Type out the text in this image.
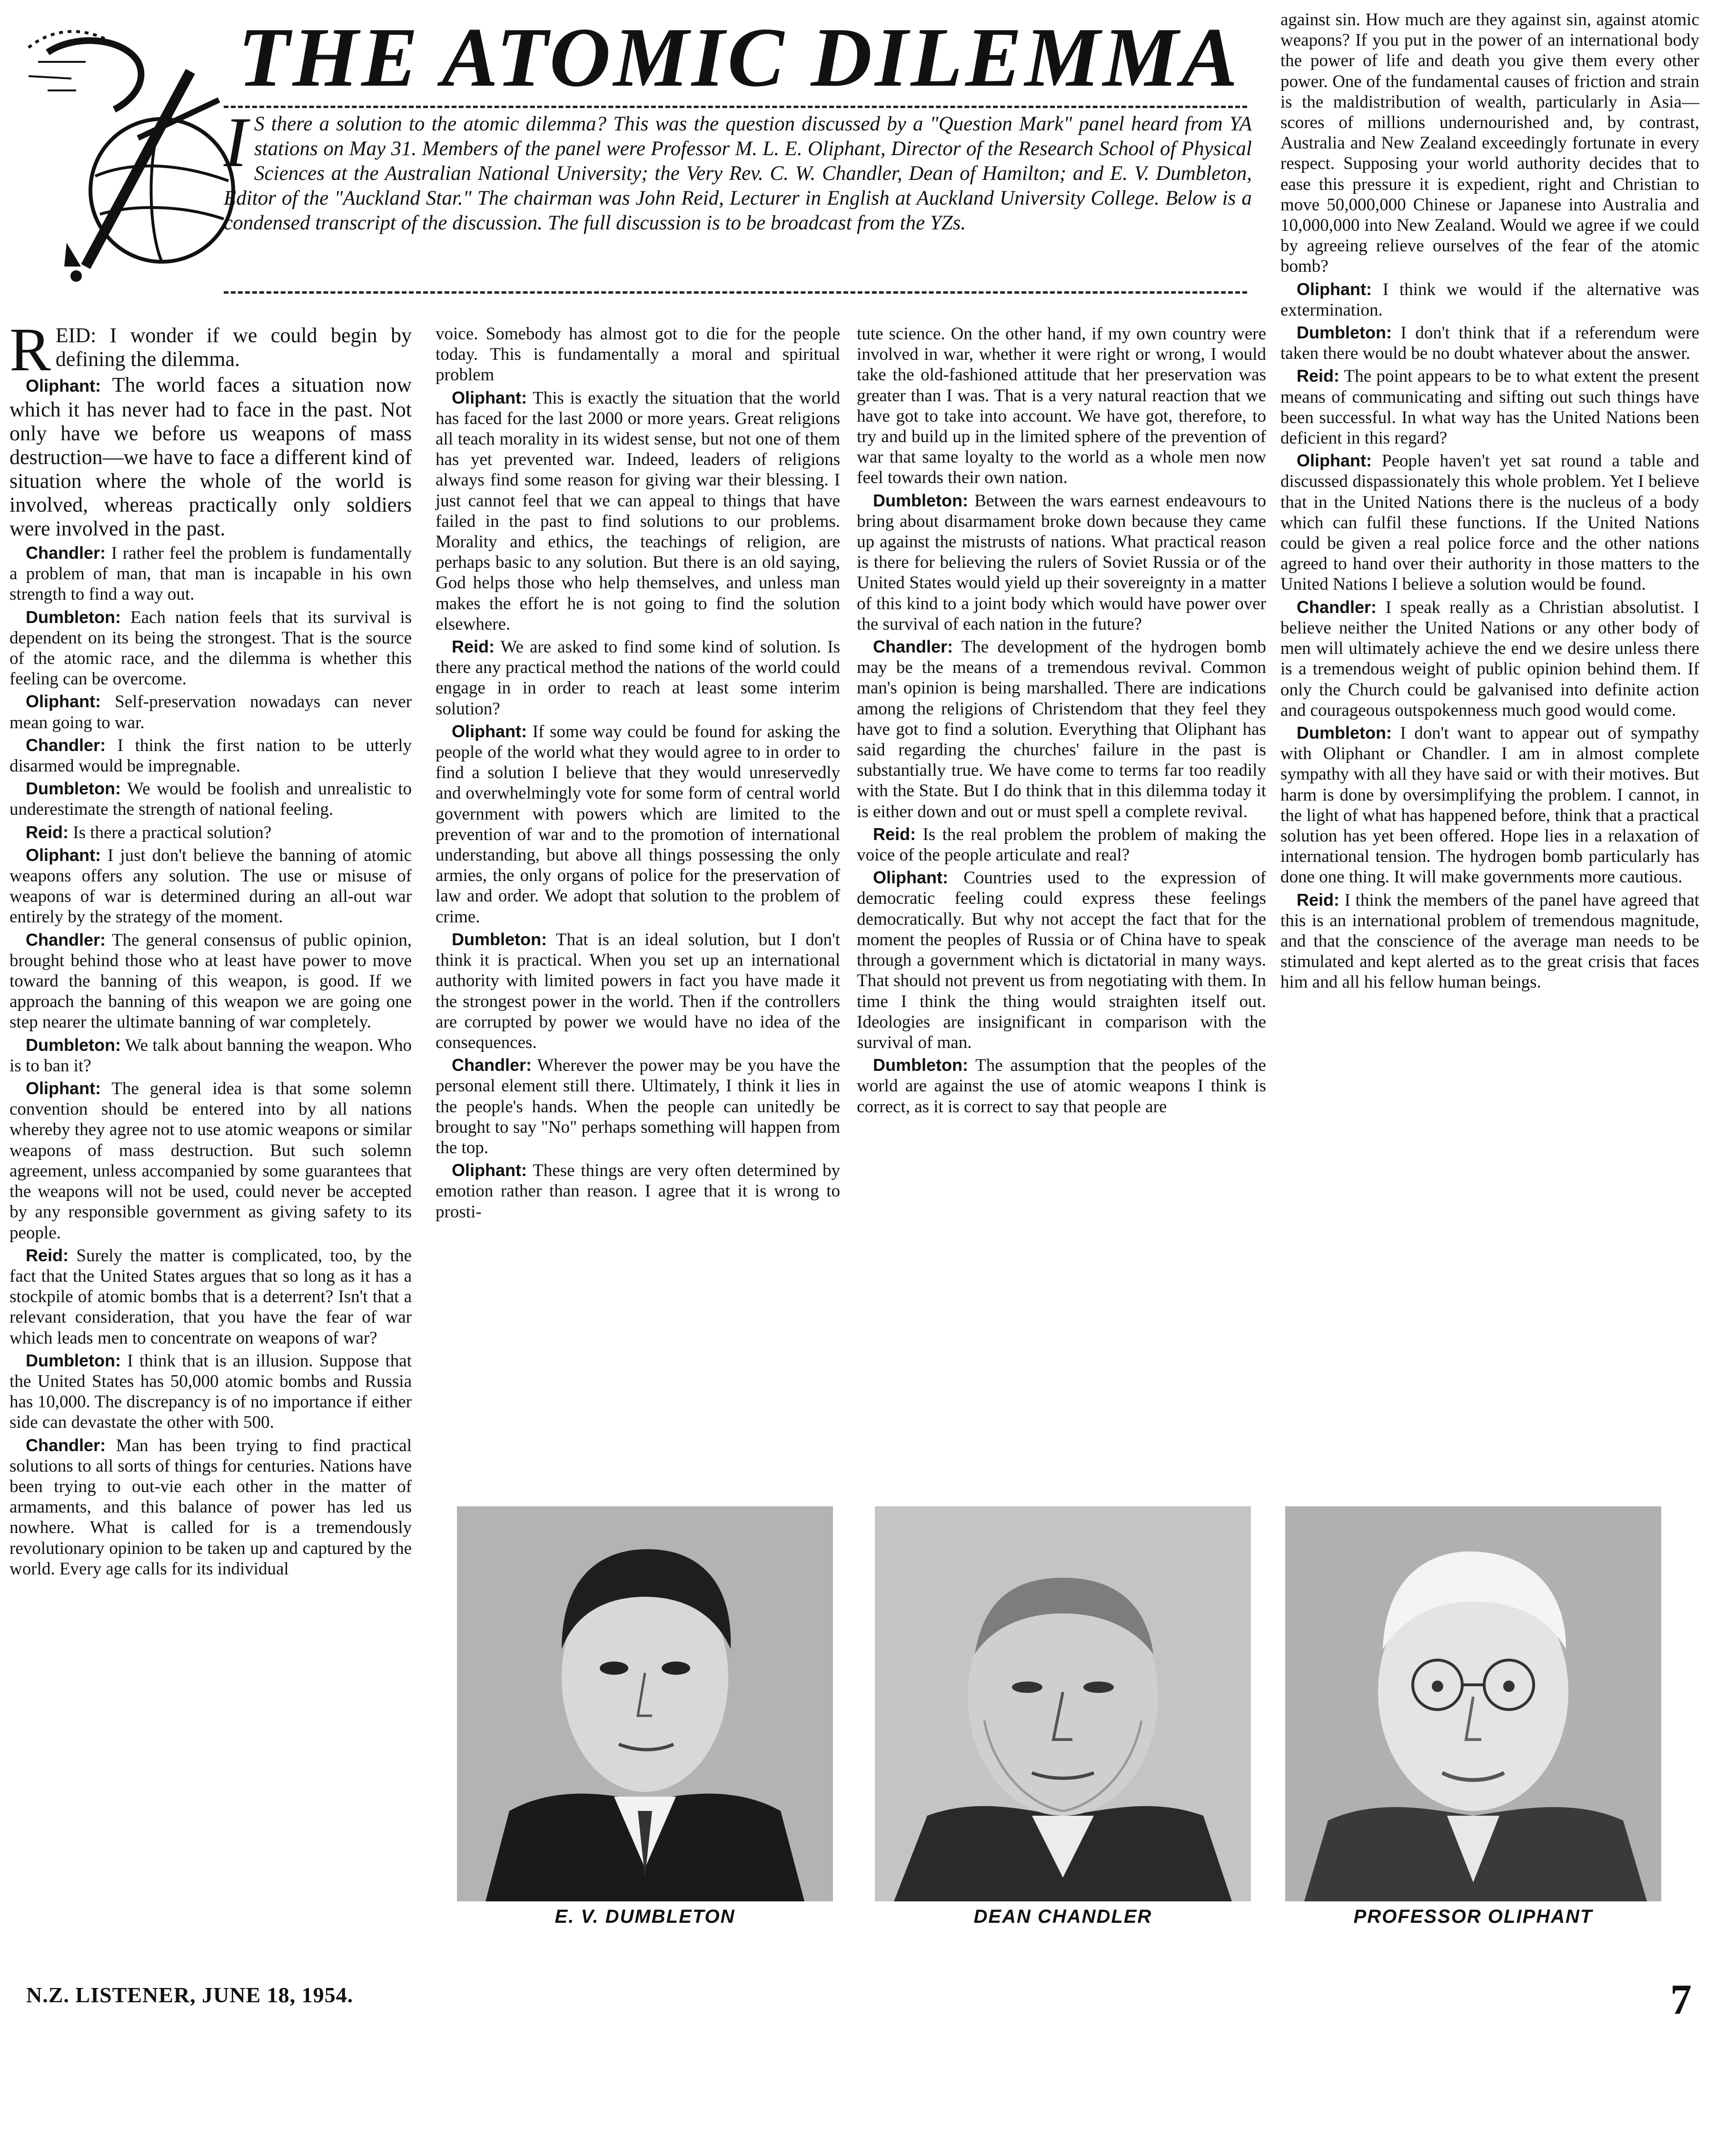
THE ATOMIC DILEMMA
I S there a solution to the atomic dilemma? This was the question discussed by a "Question Mark" panel heard from YA stations on May 31. Members of the panel were Professor M. L. E. Oliphant, Director of the Research School of Physical Sciences at the Australian National University; the Very Rev. C. W. Chandler, Dean of Hamilton; and E. V. Dumbleton, Editor of the "Auckland Star." The chairman was John Reid, Lecturer in English at Auckland University College. Below is a condensed transcript of the discussion. The full discussion is to be broadcast from the YZs.

REID: I wonder if we could begin by defining the dilemma.

Oliphant: The world faces a situation now which it has never had to face in the past. Not only have we before us weapons of mass destruction—we have to face a different kind of situation where the whole of the world is involved, whereas practically only soldiers were involved in the past.

Chandler: I rather feel the problem is fundamentally a problem of man, that man is incapable in his own strength to find a way out.

Dumbleton: Each nation feels that its survival is dependent on its being the strongest. That is the source of the atomic race, and the dilemma is whether this feeling can be overcome.

Oliphant: Self-preservation nowadays can never mean going to war.

Chandler: I think the first nation to be utterly disarmed would be impregnable.

Dumbleton: We would be foolish and unrealistic to underestimate the strength of national feeling.

Reid: Is there a practical solution?

Oliphant: I just don't believe the banning of atomic weapons offers any solution. The use or misuse of weapons of war is determined during an all-out war entirely by the strategy of the moment.

Chandler: The general consensus of public opinion, brought behind those who at least have power to move toward the banning of this weapon, is good. If we approach the banning of this weapon we are going one step nearer the ultimate banning of war completely.

Dumbleton: We talk about banning the weapon. Who is to ban it?

Oliphant: The general idea is that some solemn convention should be entered into by all nations whereby they agree not to use atomic weapons or similar weapons of mass destruction. But such solemn agreement, unless accompanied by some guarantees that the weapons will not be used, could never be accepted by any responsible government as giving safety to its people.

Reid: Surely the matter is complicated, too, by the fact that the United States argues that so long as it has a stockpile of atomic bombs that is a deterrent? Isn't that a relevant consideration, that you have the fear of war which leads men to concentrate on weapons of war?

Dumbleton: I think that is an illusion. Suppose that the United States has 50,000 atomic bombs and Russia has 10,000. The discrepancy is of no importance if either side can devastate the other with 500.

Chandler: Man has been trying to find practical solutions to all sorts of things for centuries. Nations have been trying to out-vie each other in the matter of armaments, and this balance of power has led us nowhere. What is called for is a tremendously revolutionary opinion to be taken up and captured by the world. Every age calls for its individual

voice. Somebody has almost got to die for the people today. This is fundamentally a moral and spiritual problem

Oliphant: This is exactly the situation that the world has faced for the last 2000 or more years. Great religions all teach morality in its widest sense, but not one of them has yet prevented war. Indeed, leaders of religions always find some reason for giving war their blessing. I just cannot feel that we can appeal to things that have failed in the past to find solutions to our problems. Morality and ethics, the teachings of religion, are perhaps basic to any solution. But there is an old saying, God helps those who help themselves, and unless man makes the effort he is not going to find the solution elsewhere.

Reid: We are asked to find some kind of solution. Is there any practical method the nations of the world could engage in in order to reach at least some interim solution?

Oliphant: If some way could be found for asking the people of the world what they would agree to in order to find a solution I believe that they would unreservedly and overwhelmingly vote for some form of central world government with powers which are limited to the prevention of war and to the promotion of international understanding, but above all things possessing the only armies, the only organs of police for the preservation of law and order. We adopt that solution to the problem of crime.

Dumbleton: That is an ideal solution, but I don't think it is practical. When you set up an international authority with limited powers in fact you have made it the strongest power in the world. Then if the controllers are corrupted by power we would have no idea of the consequences.

Chandler: Wherever the power may be you have the personal element still there. Ultimately, I think it lies in the people's hands. When the people can unitedly be brought to say "No" perhaps something will happen from the top.

Oliphant: These things are very often determined by emotion rather than reason. I agree that it is wrong to prosti-

tute science. On the other hand, if my own country were involved in war, whether it were right or wrong, I would take the old-fashioned attitude that her preservation was greater than I was. That is a very natural reaction that we have got to take into account. We have got, therefore, to try and build up in the limited sphere of the prevention of war that same loyalty to the world as a whole men now feel towards their own nation.

Dumbleton: Between the wars earnest endeavours to bring about disarmament broke down because they came up against the mistrusts of nations. What practical reason is there for believing the rulers of Soviet Russia or of the United States would yield up their sovereignty in a matter of this kind to a joint body which would have power over the survival of each nation in the future?

Chandler: The development of the hydrogen bomb may be the means of a tremendous revival. Common man's opinion is being marshalled. There are indications among the religions of Christendom that they feel they have got to find a solution. Everything that Oliphant has said regarding the churches' failure in the past is substantially true. We have come to terms far too readily with the State. But I do think that in this dilemma today it is either down and out or must spell a complete revival.

Reid: Is the real problem the problem of making the voice of the people articulate and real?

Oliphant: Countries used to the expression of democratic feeling could express these feelings democratically. But why not accept the fact that for the moment the peoples of Russia or of China have to speak through a government which is dictatorial in many ways. That should not prevent us from negotiating with them. In time I think the thing would straighten itself out. Ideologies are insignificant in comparison with the survival of man.

Dumbleton: The assumption that the peoples of the world are against the use of atomic weapons I think is correct, as it is correct to say that people are

against sin. How much are they against sin, against atomic weapons? If you put in the power of an international body the power of life and death you give them every other power. One of the fundamental causes of friction and strain is the maldistribution of wealth, particularly in Asia—scores of millions undernourished and, by contrast, Australia and New Zealand exceedingly fortunate in every respect. Supposing your world authority decides that to ease this pressure it is expedient, right and Christian to move 50,000,000 Chinese or Japanese into Australia and 10,000,000 into New Zealand. Would we agree if we could by agreeing relieve ourselves of the fear of the atomic bomb?

Oliphant: I think we would if the alternative was extermination.

Dumbleton: I don't think that if a referendum were taken there would be no doubt whatever about the answer.

Reid: The point appears to be to what extent the present means of communicating and sifting out such things have been successful. In what way has the United Nations been deficient in this regard?

Oliphant: People haven't yet sat round a table and discussed dispassionately this whole problem. Yet I believe that in the United Nations there is the nucleus of a body which can fulfil these functions. If the United Nations could be given a real police force and the other nations agreed to hand over their authority in those matters to the United Nations I believe a solution would be found.

Chandler: I speak really as a Christian absolutist. I believe neither the United Nations or any other body of men will ultimately achieve the end we desire unless there is a tremendous weight of public opinion behind them. If only the Church could be galvanised into definite action and courageous outspokenness much good would come.

Dumbleton: I don't want to appear out of sympathy with Oliphant or Chandler. I am in almost complete sympathy with all they have said or with their motives. But harm is done by oversimplifying the problem. I cannot, in the light of what has happened before, think that a practical solution has yet been offered. Hope lies in a relaxation of international tension. The hydrogen bomb particularly has done one thing. It will make governments more cautious.

Reid: I think the members of the panel have agreed that this is an international problem of tremendous magnitude, and that the conscience of the average man needs to be stimulated and kept alerted as to the great crisis that faces him and all his fellow human beings.

E. V. DUMBLETON	DEAN CHANDLER	PROFESSOR OLIPHANT
N.Z. LISTENER, JUNE 18, 1954.	7
